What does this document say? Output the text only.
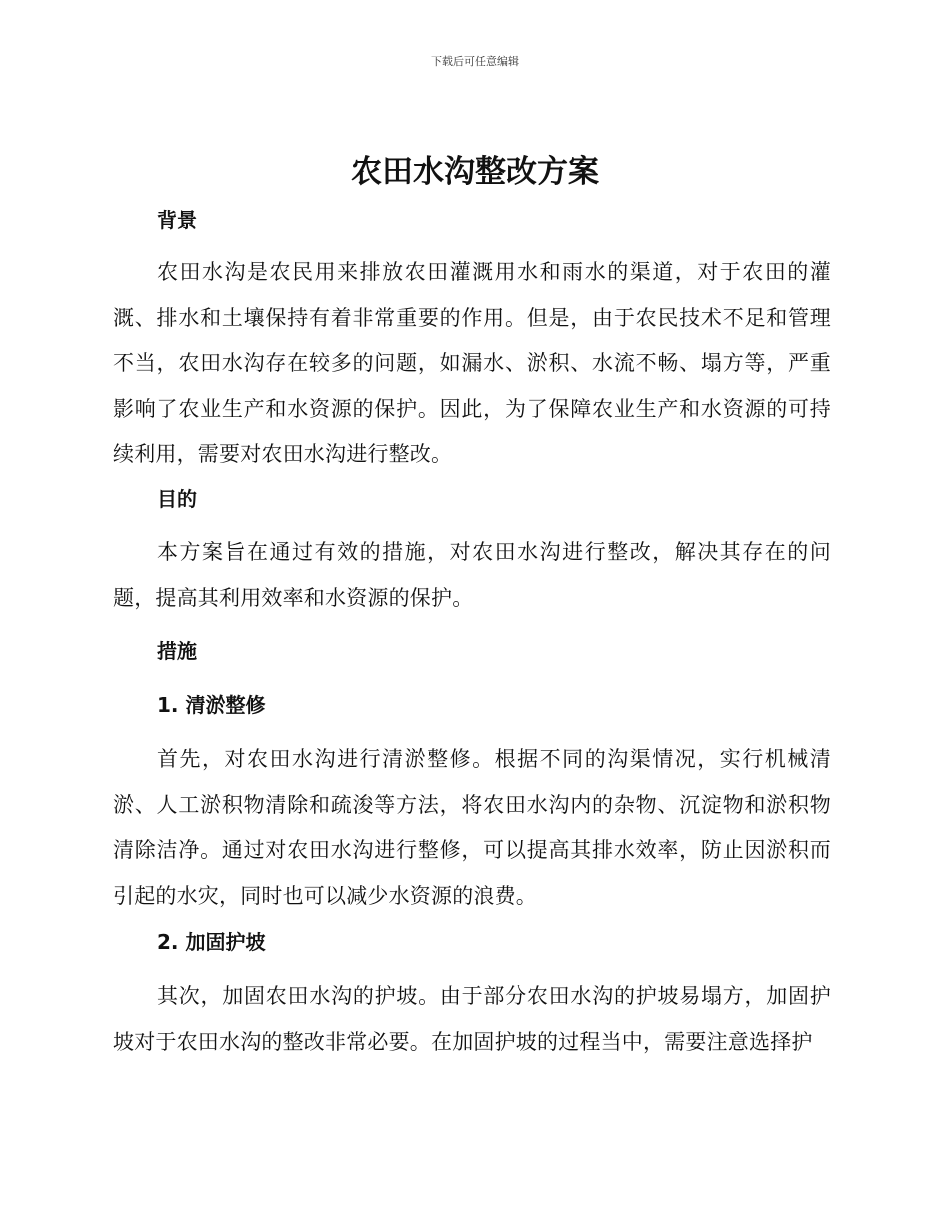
下载后可任意编辑
农田水沟整改方案
背景

农田水沟是农民用来排放农田灌溉用水和雨水的渠道，对于农田的灌溉、排水和土壤保持有着非常重要的作用。但是，由于农民技术不足和管理不当，农田水沟存在较多的问题，如漏水、淤积、水流不畅、塌方等，严重影响了农业生产和水资源的保护。因此，为了保障农业生产和水资源的可持续利用，需要对农田水沟进行整改。

目的

本方案旨在通过有效的措施，对农田水沟进行整改，解决其存在的问题，提高其利用效率和水资源的保护。

措施
1. 清淤整修

首先，对农田水沟进行清淤整修。根据不同的沟渠情况，实行机械清淤、人工淤积物清除和疏浚等方法，将农田水沟内的杂物、沉淀物和淤积物清除洁净。通过对农田水沟进行整修，可以提高其排水效率，防止因淤积而引起的水灾，同时也可以减少水资源的浪费。

2. 加固护坡

其次，加固农田水沟的护坡。由于部分农田水沟的护坡易塌方，加固护坡对于农田水沟的整改非常必要。在加固护坡的过程当中，需要注意选择护
